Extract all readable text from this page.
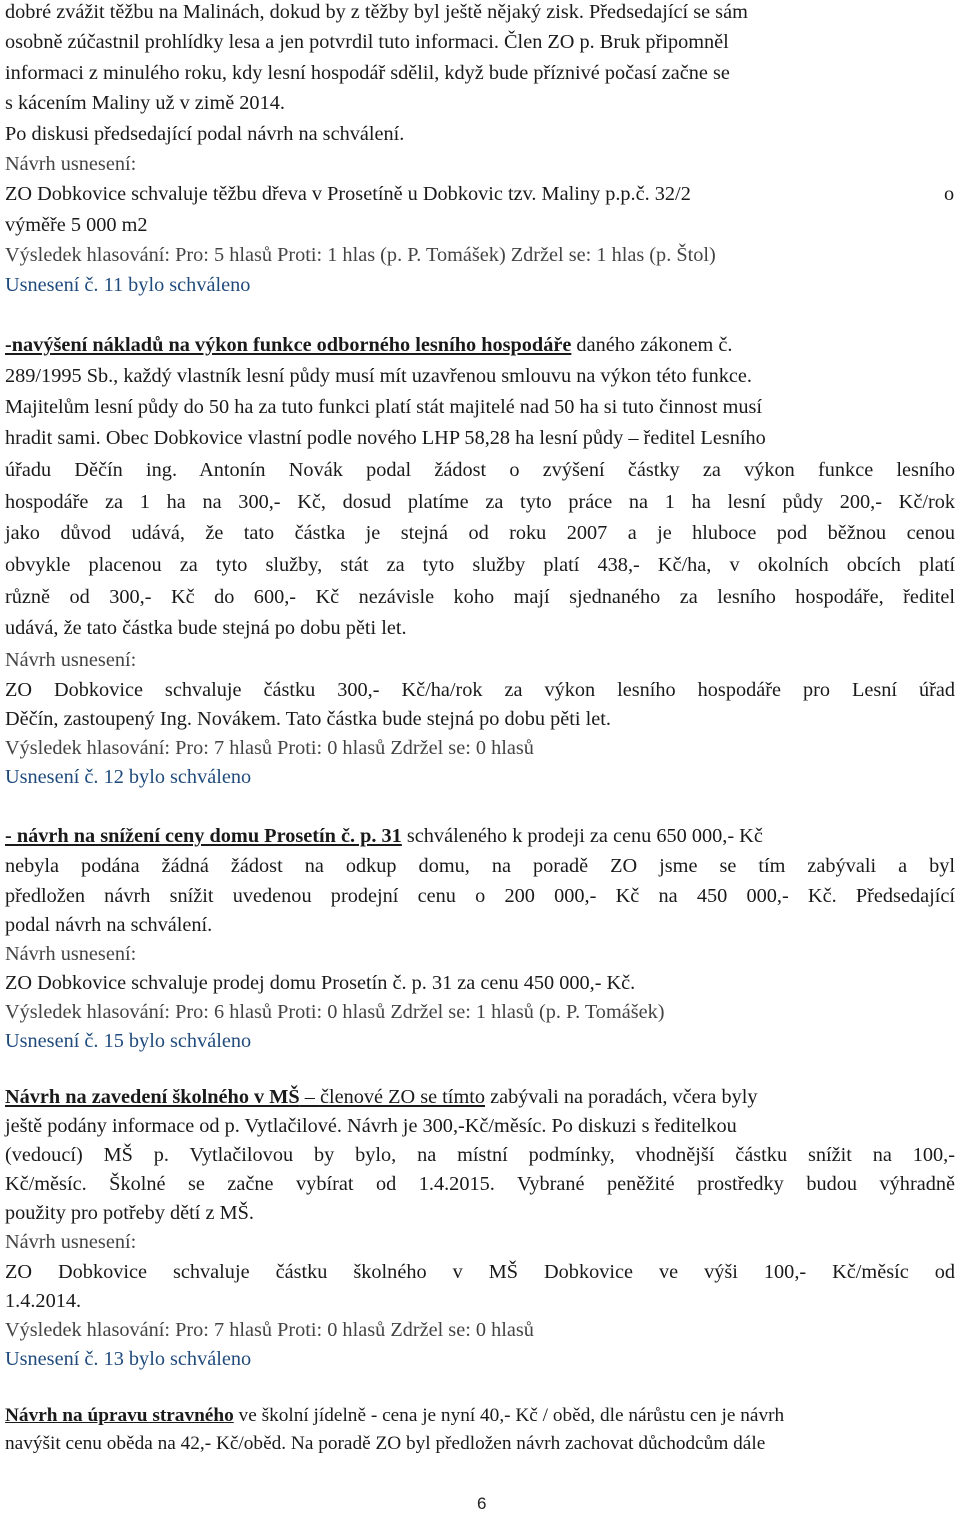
dobré zvážit těžbu na Malinách, dokud by z těžby byl ještě nějaký zisk. Předsedající se sám
osobně zúčastnil prohlídky lesa a jen potvrdil tuto informaci. Člen ZO p. Bruk připomněl
informaci z minulého roku, kdy lesní hospodář sdělil, když bude příznivé počasí začne se
s kácením Maliny už v zimě 2014.
Po diskusi předsedající podal návrh na schválení.
Návrh usnesení:
ZO Dobkovice schvaluje těžbu dřeva v Prosetíně u Dobkovic tzv. Maliny p.p.č. 32/2	o
výměře 5 000 m2
Výsledek hlasování: Pro: 5 hlasů Proti: 1 hlas (p. P. Tomášek) Zdržel se: 1 hlas (p. Štol)
Usnesení č. 11 bylo schváleno
-navýšení nákladů na výkon funkce odborného lesního hospodáře daného zákonem č.
289/1995 Sb., každý vlastník lesní půdy musí mít uzavřenou smlouvu na výkon této funkce.
Majitelům lesní půdy do 50 ha za tuto funkci platí stát majitelé nad 50 ha si tuto činnost musí
hradit sami. Obec Dobkovice vlastní podle nového LHP 58,28 ha lesní půdy – ředitel Lesního
úřadu Děčín ing. Antonín Novák podal žádost o zvýšení částky za výkon funkce lesního
hospodáře za 1 ha na 300,- Kč, dosud platíme za tyto práce na 1 ha lesní půdy 200,- Kč/rok
jako důvod udává, že tato částka je stejná od roku 2007 a je hluboce pod běžnou cenou
obvykle placenou za tyto služby, stát za tyto služby platí 438,- Kč/ha, v okolních obcích platí
různě od 300,- Kč do 600,- Kč nezávisle koho mají sjednaného za lesního hospodáře, ředitel
udává, že tato částka bude stejná po dobu pěti let.
Návrh usnesení:
ZO Dobkovice schvaluje částku 300,- Kč/ha/rok za výkon lesního hospodáře pro Lesní úřad
Děčín, zastoupený Ing. Novákem. Tato částka bude stejná po dobu pěti let.
Výsledek hlasování: Pro: 7 hlasů Proti: 0 hlasů Zdržel se: 0 hlasů
Usnesení č. 12 bylo schváleno
- návrh na snížení ceny domu Prosetín č. p. 31 schváleného k prodeji za cenu 650 000,- Kč
nebyla podána žádná žádost na odkup domu, na poradě ZO jsme se tím zabývali a byl
předložen návrh snížit uvedenou prodejní cenu o 200 000,- Kč na 450 000,- Kč. Předsedající
podal návrh na schválení.
Návrh usnesení:
ZO Dobkovice schvaluje prodej domu Prosetín č. p. 31 za cenu 450 000,- Kč.
Výsledek hlasování: Pro: 6 hlasů Proti: 0 hlasů Zdržel se: 1 hlasů (p. P. Tomášek)
Usnesení č. 15 bylo schváleno
Návrh na zavedení školného v MŠ – členové ZO se tímto zabývali na poradách, včera byly
ještě podány informace od p. Vytlačilové. Návrh je 300,-Kč/měsíc. Po diskuzi s ředitelkou
(vedoucí) MŠ p. Vytlačilovou by bylo, na místní podmínky, vhodnější částku snížit na 100,-
Kč/měsíc. Školné se začne vybírat od 1.4.2015. Vybrané peněžité prostředky budou výhradně
použity pro potřeby dětí z MŠ.
Návrh usnesení:
ZO Dobkovice schvaluje částku školného v MŠ Dobkovice ve výši 100,- Kč/měsíc od
1.4.2014.
Výsledek hlasování: Pro: 7 hlasů Proti: 0 hlasů Zdržel se: 0 hlasů
Usnesení č. 13 bylo schváleno
Návrh na úpravu stravného ve školní jídelně - cena je nyní 40,- Kč / oběd, dle nárůstu cen je návrh
navýšit cenu oběda na 42,- Kč/oběd. Na poradě ZO byl předložen návrh zachovat důchodcům dále
6
